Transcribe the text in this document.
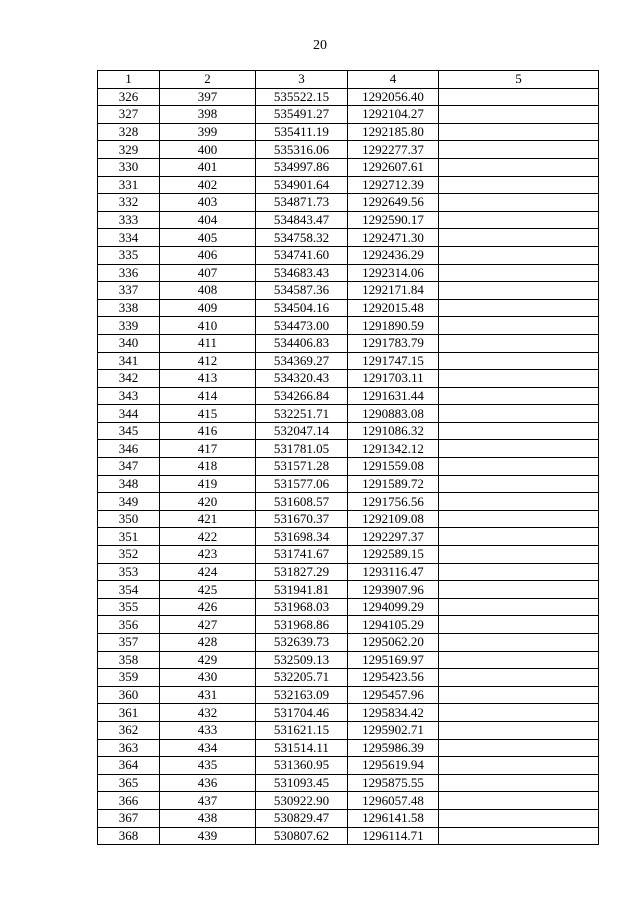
20
1	2	3	4	5
326	397	535522.15	1292056.40	
327	398	535491.27	1292104.27	
328	399	535411.19	1292185.80	
329	400	535316.06	1292277.37	
330	401	534997.86	1292607.61	
331	402	534901.64	1292712.39	
332	403	534871.73	1292649.56	
333	404	534843.47	1292590.17	
334	405	534758.32	1292471.30	
335	406	534741.60	1292436.29	
336	407	534683.43	1292314.06	
337	408	534587.36	1292171.84	
338	409	534504.16	1292015.48	
339	410	534473.00	1291890.59	
340	411	534406.83	1291783.79	
341	412	534369.27	1291747.15	
342	413	534320.43	1291703.11	
343	414	534266.84	1291631.44	
344	415	532251.71	1290883.08	
345	416	532047.14	1291086.32	
346	417	531781.05	1291342.12	
347	418	531571.28	1291559.08	
348	419	531577.06	1291589.72	
349	420	531608.57	1291756.56	
350	421	531670.37	1292109.08	
351	422	531698.34	1292297.37	
352	423	531741.67	1292589.15	
353	424	531827.29	1293116.47	
354	425	531941.81	1293907.96	
355	426	531968.03	1294099.29	
356	427	531968.86	1294105.29	
357	428	532639.73	1295062.20	
358	429	532509.13	1295169.97	
359	430	532205.71	1295423.56	
360	431	532163.09	1295457.96	
361	432	531704.46	1295834.42	
362	433	531621.15	1295902.71	
363	434	531514.11	1295986.39	
364	435	531360.95	1295619.94	
365	436	531093.45	1295875.55	
366	437	530922.90	1296057.48	
367	438	530829.47	1296141.58	
368	439	530807.62	1296114.71	
